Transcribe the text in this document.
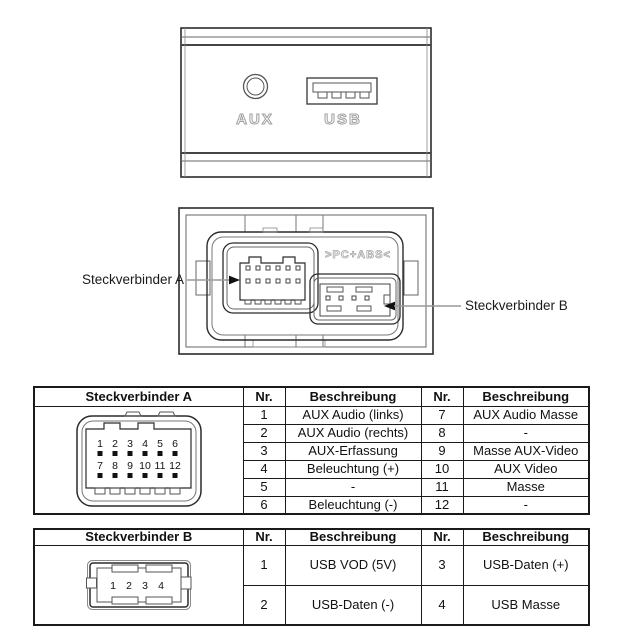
AUX	USB
>PC+ABS<
Steckverbinder A
Steckverbinder B
Steckverbinder A	Nr.	Beschreibung	Nr.	Beschreibung

1 2 3 4 5 6
7 8 9 10 11 12
	1	AUX Audio (links)	7	AUX Audio Masse
	2	AUX Audio (rechts)	8	-
	3	AUX-Erfassung	9	Masse AUX-Video
	4	Beleuchtung (+)	10	AUX Video
	5	-	11	Masse
	6	Beleuchtung (-)	12	-
Steckverbinder B	Nr.	Beschreibung	Nr.	Beschreibung

1 2 3 4	1	USB VOD (5V)	3	USB-Daten (+)
	2	USB-Daten (-)	4	USB Masse
